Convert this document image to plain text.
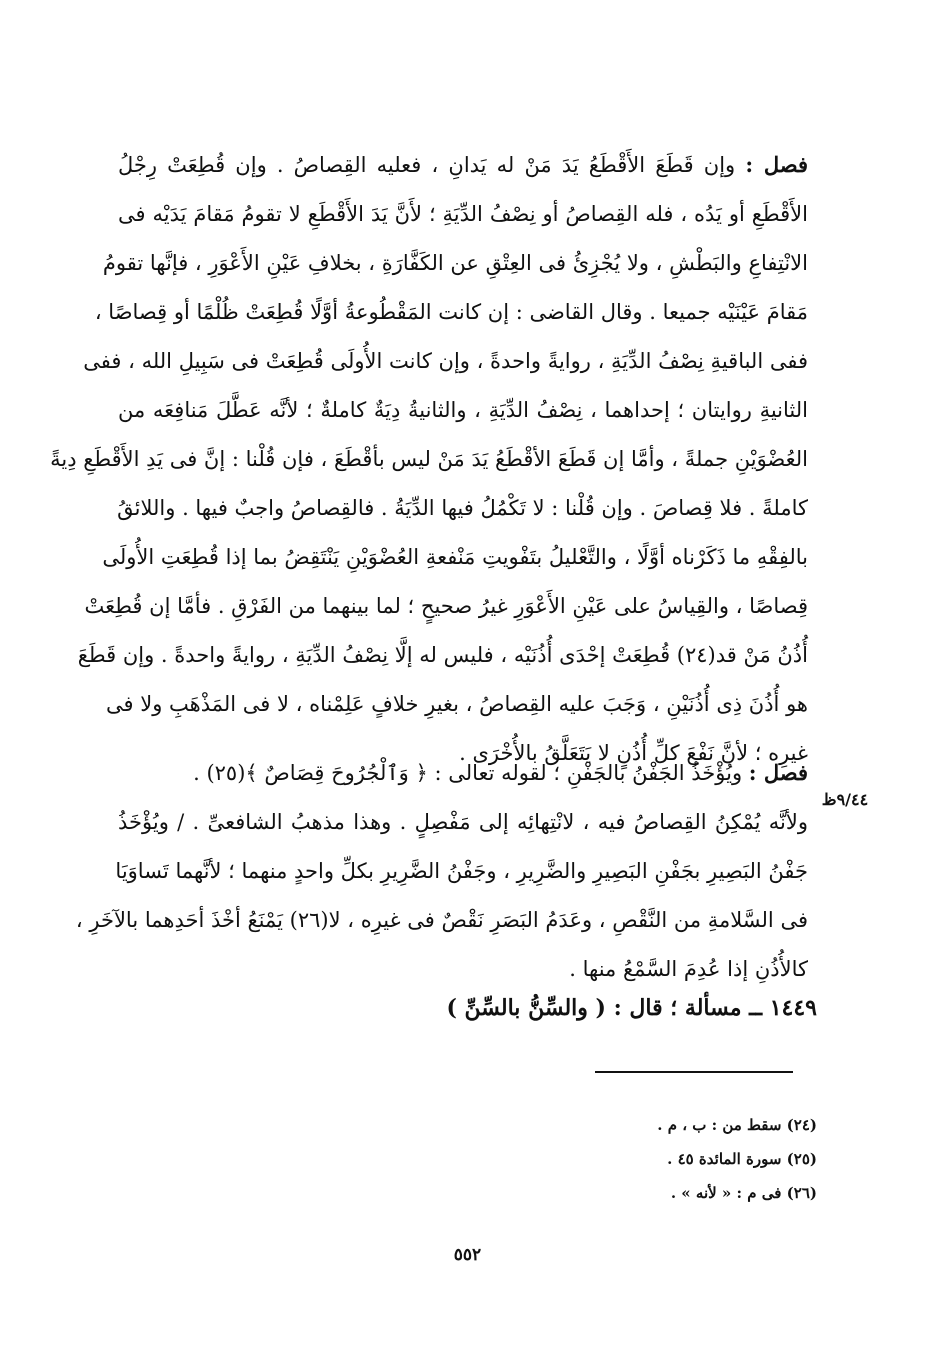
فصل : وإن قَطَعَ الأَقْطَعُ يَدَ مَنْ له يَدانِ ، فعليه القِصاصُ . وإن قُطِعَتْ رِجْلُ
الأَقْطَعِ أو يَدُه ، فله القِصاصُ أو نِصْفُ الدِّيَةِ ؛ لأَنَّ يَدَ الأَقْطَعِ لا تقومُ مَقامَ يَدَيْه فى
الانْتِفاعِ والبَطْشِ ، ولا يُجْزِئُ فى العِتْقِ عن الكَفَّارَةِ ، بخلافِ عَيْنِ الأَعْوَرِ ، فإنَّها تقومُ
مَقامَ عَيْنَيْه جميعا . وقال القاضى : إن كانت المَقْطُوعةُ أوَّلًا قُطِعَتْ ظُلْمًا أو قِصاصًا ،
ففى الباقيةِ نِصْفُ الدِّيَةِ ، روايةً واحدةً ، وإن كانت الأُولَى قُطِعَتْ فى سَبِيلِ الله ، ففى
الثانيةِ روايتان ؛ إحداهما ، نِصْفُ الدِّيَةِ ، والثانيةُ دِيَةٌ كاملةٌ ؛ لأنَّه عَطَّلَ مَنافِعَه من
العُضْوَيْنِ جملةً ، وأمَّا إن قَطَعَ الأقْطَعُ يَدَ مَنْ ليس بأقْطَعَ ، فإن قُلْنا : إنَّ فى يَدِ الأَقْطَعِ دِيةً
كاملةً . فلا قِصاصَ . وإن قُلْنا : لا تَكْمُلُ فيها الدِّيَةُ . فالقِصاصُ واجبٌ فيها . واللائقُ
بالفِقْهِ ما ذَكَرْناه أوَّلًا ، والتَّعْليلُ بتَفْويتِ مَنْفعةِ العُضْوَيْنِ يَنْتَقِضُ بما إذا قُطِعَتِ الأُولَى
قِصاصًا ، والقِياسُ على عَيْنِ الأَعْوَرِ غيرُ صحيحٍ ؛ لما بينهما من الفَرْقِ . فأمَّا إن قُطِعَتْ
أُذُنُ مَنْ قد(٢٤) قُطِعَتْ إحْدَى أُذُنَيْه ، فليس له إلَّا نِصْفُ الدِّيَةِ ، روايةً واحدةً . وإن قَطَعَ
هو أُذُنَ ذِى أُذُنَيْنِ ، وَجَبَ عليه القِصاصُ ، بغيرِ خلافٍ عَلِمْناه ، لا فى المَذْهَبِ ولا فى
غيرِه ؛ لأنَّ نَفْعَ كلِّ أُذُنٍ لا يَتَعَلَّقُ بالأُخْرَى .
فصل : ويُؤْخَذُ الجَفْنُ بالجَفْنِ ؛ لقوله تعالى : ﴿ وَٱلْجُرُوحَ قِصَاصٌ ﴾(٢٥) .
ولأنَّه يُمْكِنُ القِصاصُ فيه ، لانْتِهائِه إلى مَفْصِلٍ . وهذا مذهبُ الشافعىِّ . / ويُؤْخَذُ
جَفْنُ البَصِيرِ بجَفْنِ البَصِيرِ والضَّرِيرِ ، وجَفْنُ الضَّرِيرِ بكلِّ واحدٍ منهما ؛ لأنَّهما تَساوَيَا
فى السَّلامةِ من النَّقْصِ ، وعَدَمُ البَصَرِ نَقْصٌ فى غيرِه ، لا(٢٦) يَمْنَعُ أخْذَ أحَدِهما بالآخَرِ ،
كالأُذُنِ إذا عُدِمَ السَّمْعُ منها .
٩/٤٤ظ
١٤٤٩ ــ مسألة ؛ قال : ( والسِّنُّ بالسِّنِّ )
(٢٤) سقط من : ب ، م .
(٢٥) سورة المائدة ٤٥ .
(٢٦) فى م : « لأنه » .
٥٥٢
